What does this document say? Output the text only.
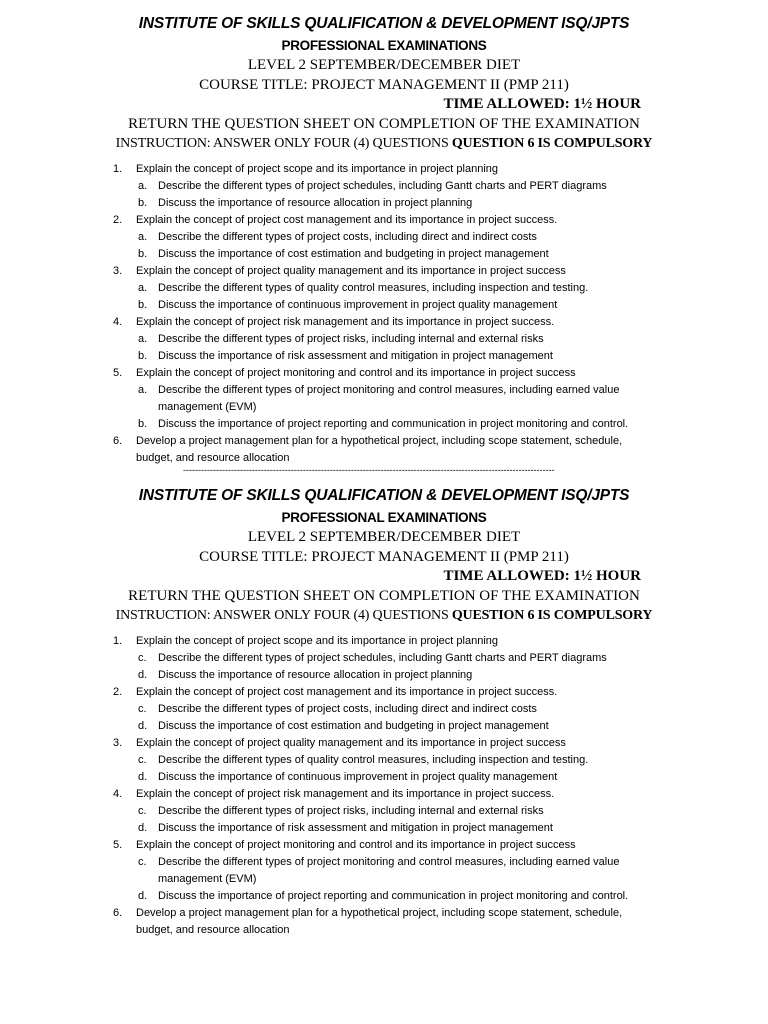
INSTITUTE OF SKILLS QUALIFICATION & DEVELOPMENT ISQ/JPTS
PROFESSIONAL EXAMINATIONS
LEVEL 2 SEPTEMBER/DECEMBER DIET
COURSE TITLE: PROJECT MANAGEMENT II (PMP 211)
TIME ALLOWED: 1½ HOUR
RETURN THE QUESTION SHEET ON COMPLETION OF THE EXAMINATION
INSTRUCTION: ANSWER ONLY FOUR (4) QUESTIONS QUESTION 6 IS COMPULSORY
1. Explain the concept of project scope and its importance in project planning
a. Describe the different types of project schedules, including Gantt charts and PERT diagrams
b. Discuss the importance of resource allocation in project planning
2. Explain the concept of project cost management and its importance in project success.
a. Describe the different types of project costs, including direct and indirect costs
b. Discuss the importance of cost estimation and budgeting in project management
3. Explain the concept of project quality management and its importance in project success
a. Describe the different types of quality control measures, including inspection and testing.
b. Discuss the importance of continuous improvement in project quality management
4. Explain the concept of project risk management and its importance in project success.
a. Describe the different types of project risks, including internal and external risks
b. Discuss the importance of risk assessment and mitigation in project management
5. Explain the concept of project monitoring and control and its importance in project success
a. Describe the different types of project monitoring and control measures, including earned value management (EVM)
b. Discuss the importance of project reporting and communication in project monitoring and control.
6. Develop a project management plan for a hypothetical project, including scope statement, schedule, budget, and resource allocation
----------------------------------------------------------------------------------------------------------------------------
INSTITUTE OF SKILLS QUALIFICATION & DEVELOPMENT ISQ/JPTS
PROFESSIONAL EXAMINATIONS
LEVEL 2 SEPTEMBER/DECEMBER DIET
COURSE TITLE: PROJECT MANAGEMENT II (PMP 211)
TIME ALLOWED: 1½ HOUR
RETURN THE QUESTION SHEET ON COMPLETION OF THE EXAMINATION
INSTRUCTION: ANSWER ONLY FOUR (4) QUESTIONS QUESTION 6 IS COMPULSORY
1. Explain the concept of project scope and its importance in project planning
c. Describe the different types of project schedules, including Gantt charts and PERT diagrams
d. Discuss the importance of resource allocation in project planning
2. Explain the concept of project cost management and its importance in project success.
c. Describe the different types of project costs, including direct and indirect costs
d. Discuss the importance of cost estimation and budgeting in project management
3. Explain the concept of project quality management and its importance in project success
c. Describe the different types of quality control measures, including inspection and testing.
d. Discuss the importance of continuous improvement in project quality management
4. Explain the concept of project risk management and its importance in project success.
c. Describe the different types of project risks, including internal and external risks
d. Discuss the importance of risk assessment and mitigation in project management
5. Explain the concept of project monitoring and control and its importance in project success
c. Describe the different types of project monitoring and control measures, including earned value management (EVM)
d. Discuss the importance of project reporting and communication in project monitoring and control.
6. Develop a project management plan for a hypothetical project, including scope statement, schedule, budget, and resource allocation
